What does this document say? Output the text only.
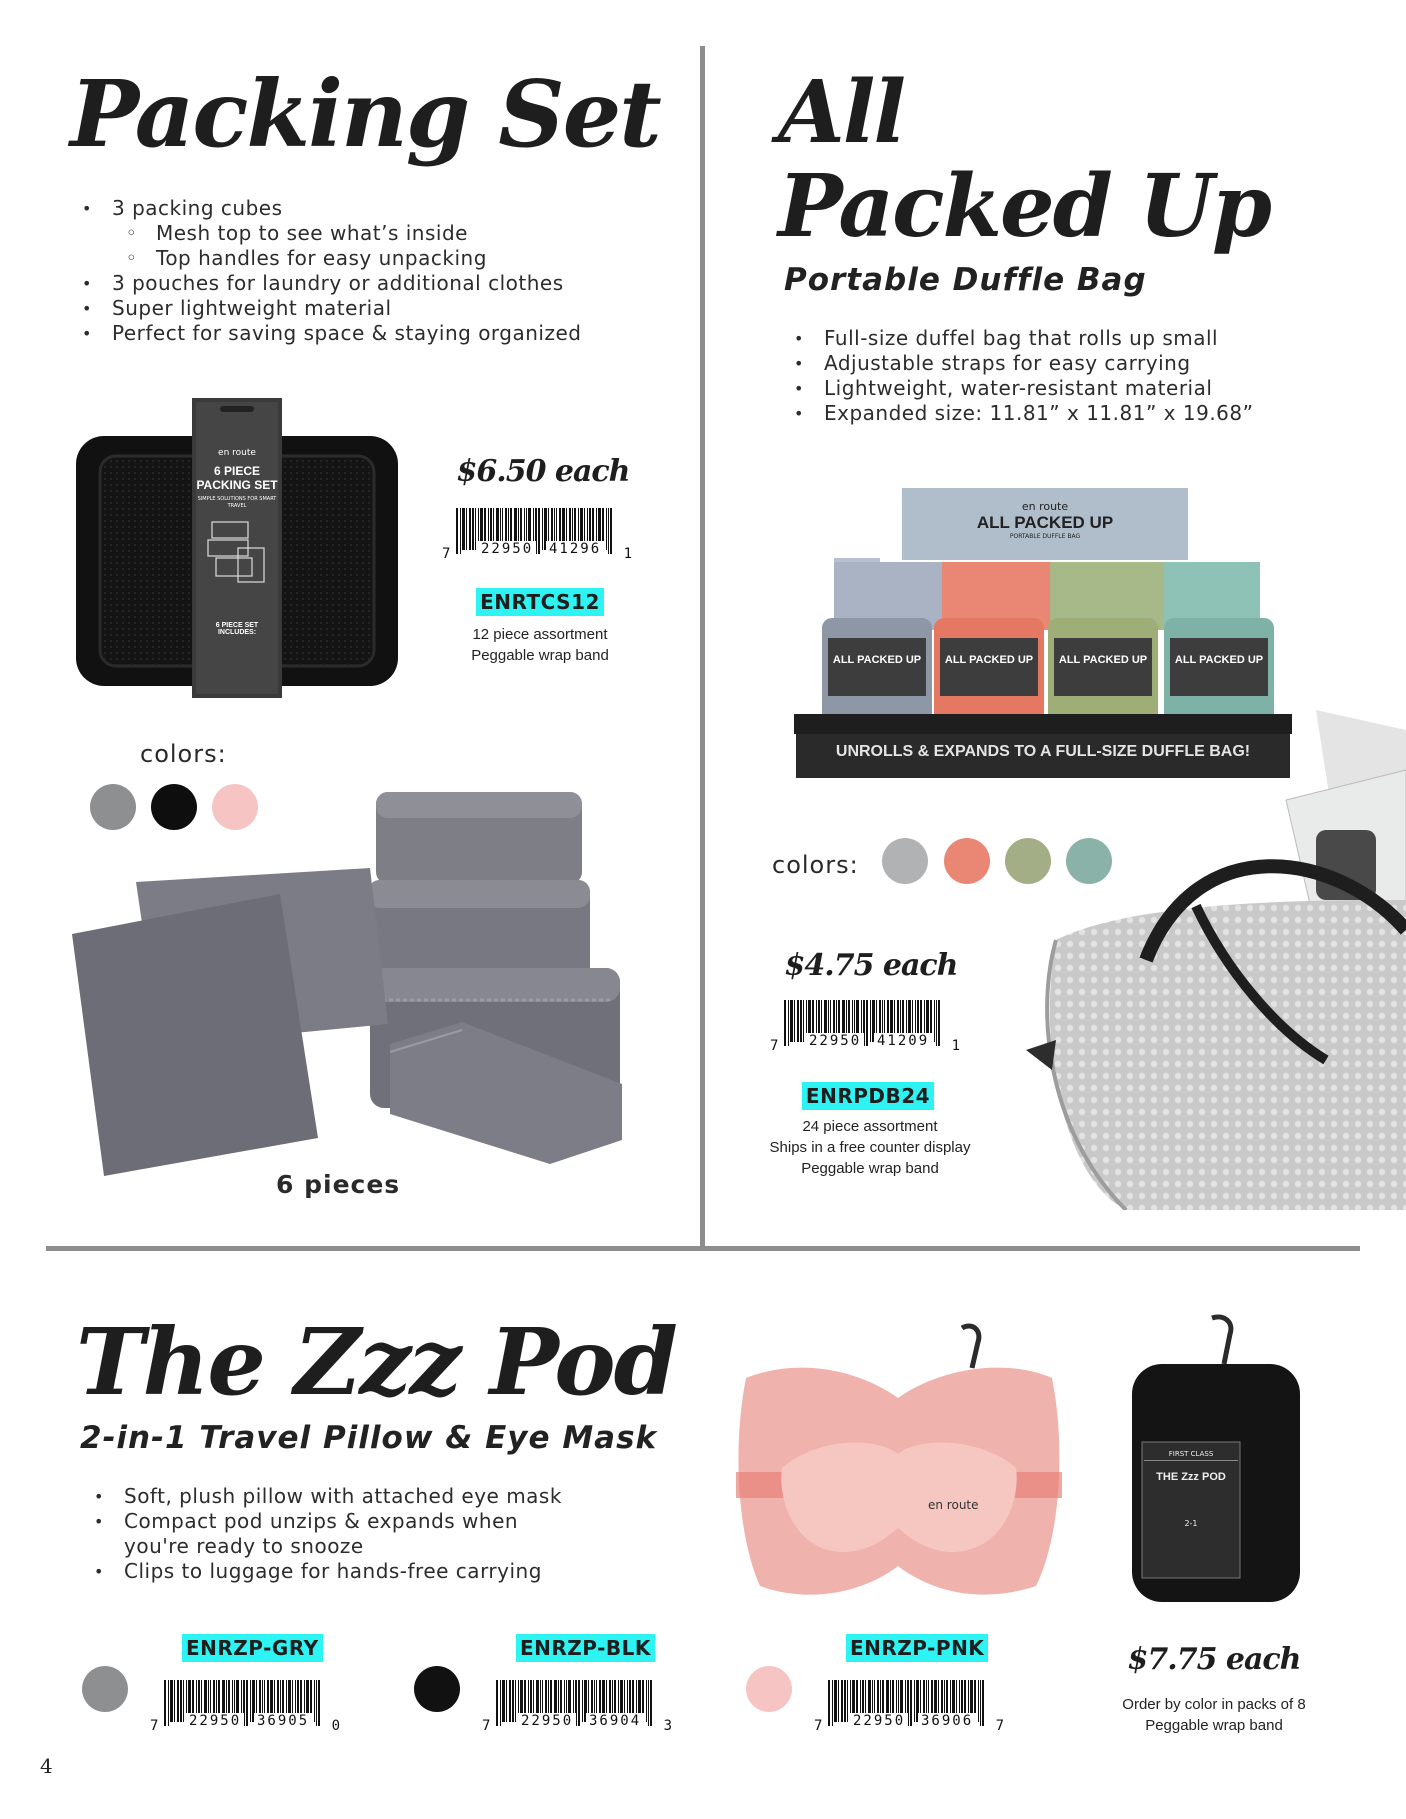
Packing Set
• 3 packing cubes
◦ Mesh top to see what’s inside
◦ Top handles for easy unpacking
• 3 pouches for laundry or additional clothes
• Super lightweight material
• Perfect for saving space & staying organized
en route
6 PIECE
PACKING SET
SIMPLE SOLUTIONS FOR SMART TRAVEL
6 PIECE SET INCLUDES:
$6.50 each
7 22950 41296 1
ENRTCS12
12 piece assortment
Peggable wrap band
colors:
6 pieces
All
Packed Up
Portable Duffle Bag
• Full-size duffel bag that rolls up small
• Adjustable straps for easy carrying
• Lightweight, water-resistant material
• Expanded size: 11.81” x 11.81” x 19.68”
en route
ALL PACKED UP
PORTABLE DUFFLE BAG
ALL PACKED UP	ALL PACKED UP	ALL PACKED UP	ALL PACKED UP
UNROLLS & EXPANDS TO A FULL-SIZE DUFFLE BAG!
colors:
$4.75 each
7 22950 41209 1
ENRPDB24
24 piece assortment
Ships in a free counter display
Peggable wrap band
The Zzz Pod
2-in-1 Travel Pillow & Eye Mask
• Soft, plush pillow with attached eye mask
• Compact pod unzips & expands when you're ready to snooze
• Clips to luggage for hands-free carrying
en route
FIRST CLASS
THE Zzz POD
2-1
ENRZP-GRY
7 22950 36905 0
ENRZP-BLK
7 22950 36904 3
ENRZP-PNK
7 22950 36906 7
$7.75 each
Order by color in packs of 8
Peggable wrap band
4
